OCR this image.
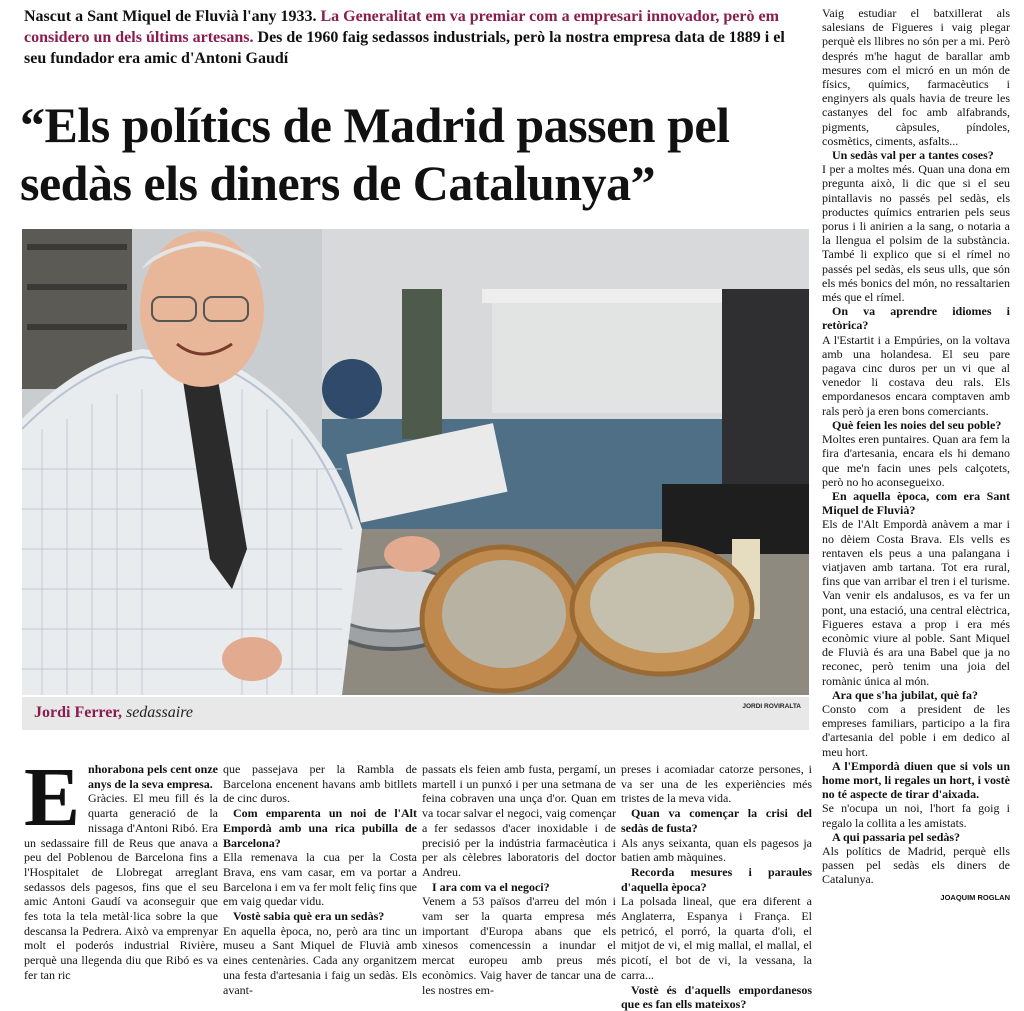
Nascut a Sant Miquel de Fluvià l'any 1933. La Generalitat em va premiar com a empresari innovador, però em considero un dels últims artesans. Des de 1960 faig sedassos industrials, però la nostra empresa data de 1889 i el seu fundador era amic d'Antoni Gaudí
“Els polítics de Madrid passen pel sedàs els diners de Catalunya”
Jordi Ferrer, sedassaire	JORDI ROVIRALTA
E nhorabona pels cent onze anys de la seva empresa.

Gràcies. El meu fill és la quarta generació de la nissaga d'Antoni Ribó. Era un sedassaire fill de Reus que anava a peu del Poblenou de Barcelona fins a l'Hospitalet de Llobregat arreglant sedassos dels pagesos, fins que el seu amic Antoni Gaudí va aconseguir que fes tota la tela metàl·lica sobre la que descansa la Pedrera. Això va emprenyar molt el poderós industrial Rivière, perquè una llegenda diu que Ribó es va fer tan ric

que passejava per la Rambla de Barcelona encenent havans amb bitllets de cinc duros.

Com emparenta un noi de l'Alt Empordà amb una rica pubilla de Barcelona?

Ella remenava la cua per la Costa Brava, ens vam casar, em va portar a Barcelona i em va fer molt feliç fins que em vaig quedar vidu.

Vostè sabia què era un sedàs?

En aquella època, no, però ara tinc un museu a Sant Miquel de Fluvià amb eines centenàries. Cada any organitzem una festa d'artesania i faig un sedàs. Els avant-

passats els feien amb fusta, pergamí, un martell i un punxó i per una setmana de feina cobraven una unça d'or. Quan em va tocar salvar el negoci, vaig començar a fer sedassos d'acer inoxidable i de precisió per la indústria farmacèutica i per als cèlebres laboratoris del doctor Andreu.

I ara com va el negoci?

Venem a 53 països d'arreu del món i vam ser la quarta empresa més important d'Europa abans que els xinesos comencessin a inundar el mercat europeu amb preus més econòmics. Vaig haver de tancar una de les nostres em-

preses i acomiadar catorze persones, i va ser una de les experiències més tristes de la meva vida.

Quan va començar la crisi del sedàs de fusta?

Als anys seixanta, quan els pagesos ja batien amb màquines.

Recorda mesures i paraules d'aquella època?

La polsada lineal, que era diferent a Anglaterra, Espanya i França. El petricó, el porró, la quarta d'oli, el mitjot de vi, el mig mallal, el mallal, el picotí, el bot de vi, la vessana, la carra...

Vostè és d'aquells empordanesos que es fan ells mateixos?

Vaig estudiar el batxillerat als salesians de Figueres i vaig plegar perquè els llibres no són per a mi. Però després m'he hagut de barallar amb mesures com el micró en un món de físics, químics, farmacèutics i enginyers als quals havia de treure les castanyes del foc amb alfabrands, pigments, càpsules, píndoles, cosmètics, ciments, asfalts...

Un sedàs val per a tantes coses?

I per a moltes més. Quan una dona em pregunta això, li dic que si el seu pintallavis no passés pel sedàs, els productes químics entrarien pels seus porus i li anirien a la sang, o notaria a la llengua el polsim de la substància. També li explico que si el rímel no passés pel sedàs, els seus ulls, que són els més bonics del món, no ressaltarien més que el rímel.

On va aprendre idiomes i retòrica?

A l'Estartit i a Empúries, on la voltava amb una holandesa. El seu pare pagava cinc duros per un vi que al venedor li costava deu rals. Els empordanesos encara comptaven amb rals però ja eren bons comerciants.

Què feien les noies del seu poble?

Moltes eren puntaires. Quan ara fem la fira d'artesania, encara els hi demano que me'n facin unes pels calçotets, però no ho aconsegueixo.

En aquella època, com era Sant Miquel de Fluvià?

Els de l'Alt Empordà anàvem a mar i no dèiem Costa Brava. Els vells es rentaven els peus a una palangana i viatjaven amb tartana. Tot era rural, fins que van arribar el tren i el turisme. Van venir els andalusos, es va fer un pont, una estació, una central elèctrica, Figueres estava a prop i era més econòmic viure al poble. Sant Miquel de Fluvià és ara una Babel que ja no reconec, però tenim una joia del romànic única al món.

Ara que s'ha jubilat, què fa?

Consto com a president de les empreses familiars, participo a la fira d'artesania del poble i em dedico al meu hort.

A l'Empordà diuen que si vols un home mort, li regales un hort, i vostè no té aspecte de tirar d'aixada.

Se n'ocupa un noi, l'hort fa goig i regalo la collita a les amistats.

A qui passaria pel sedàs?

Als polítics de Madrid, perquè ells passen pel sedàs els diners de Catalunya.

JOAQUIM ROGLAN
